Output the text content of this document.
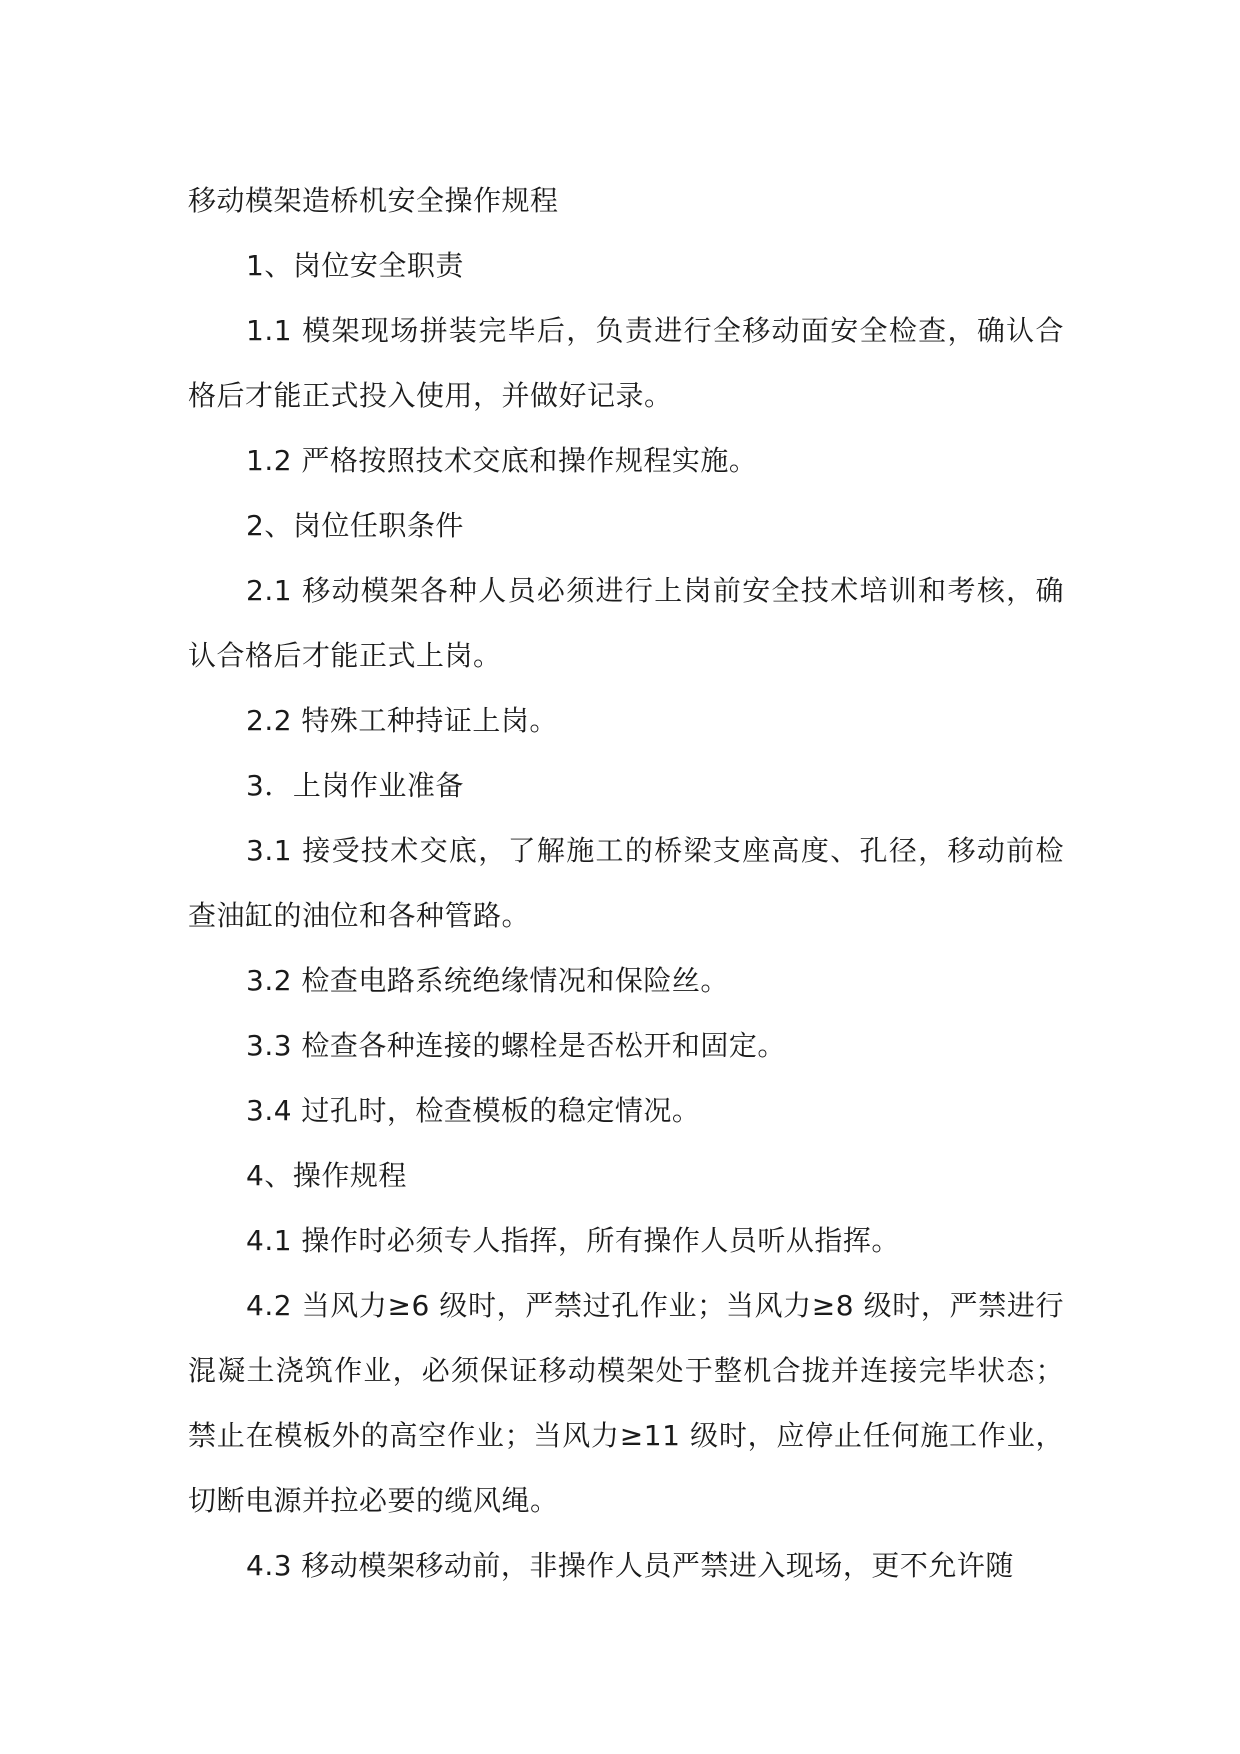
移动模架造桥机安全操作规程

1、岗位安全职责

1.1 模架现场拼装完毕后，负责进行全移动面安全检查，确认合格后才能正式投入使用，并做好记录。

1.2 严格按照技术交底和操作规程实施。

2、岗位任职条件

2.1 移动模架各种人员必须进行上岗前安全技术培训和考核，确认合格后才能正式上岗。

2.2 特殊工种持证上岗。

3．上岗作业准备

3.1 接受技术交底，了解施工的桥梁支座高度、孔径，移动前检查油缸的油位和各种管路。

3.2 检查电路系统绝缘情况和保险丝。

3.3 检查各种连接的螺栓是否松开和固定。

3.4 过孔时，检查模板的稳定情况。

4、操作规程

4.1 操作时必须专人指挥，所有操作人员听从指挥。

4.2 当风力≥6 级时，严禁过孔作业；当风力≥8 级时，严禁进行混凝土浇筑作业，必须保证移动模架处于整机合拢并连接完毕状态；禁止在模板外的高空作业；当风力≥11 级时，应停止任何施工作业，切断电源并拉必要的缆风绳。

4.3 移动模架移动前，非操作人员严禁进入现场，更不允许随
